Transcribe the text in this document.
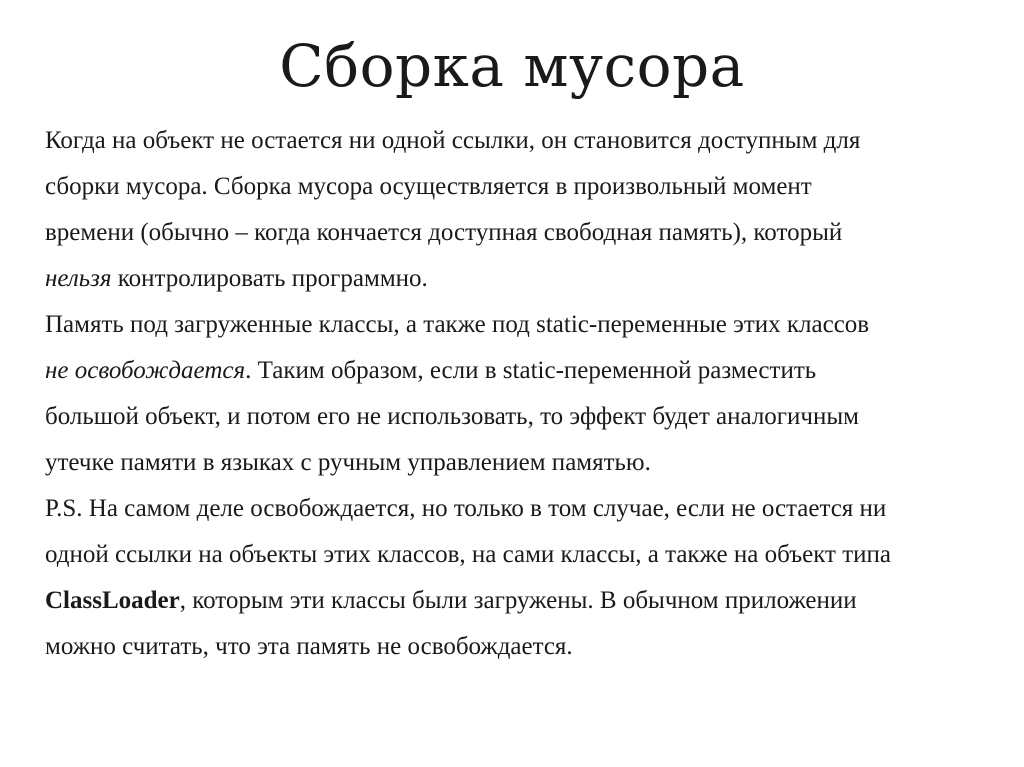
Сборка мусора

Когда на объект не остается ни одной ссылки, он становится доступным для
сборки мусора. Сборка мусора осуществляется в произвольный момент
времени (обычно – когда кончается доступная свободная память), который
нельзя контролировать программно.

Память под загруженные классы, а также под static-переменные этих классов
не освобождается. Таким образом, если в static-переменной разместить
большой объект, и потом его не использовать, то эффект будет аналогичным
утечке памяти в языках с ручным управлением памятью.

P.S. На самом деле освобождается, но только в том случае, если не остается ни
одной ссылки на объекты этих классов, на сами классы, а также на объект типа
ClassLoader, которым эти классы были загружены. В обычном приложении
можно считать, что эта память не освобождается.
